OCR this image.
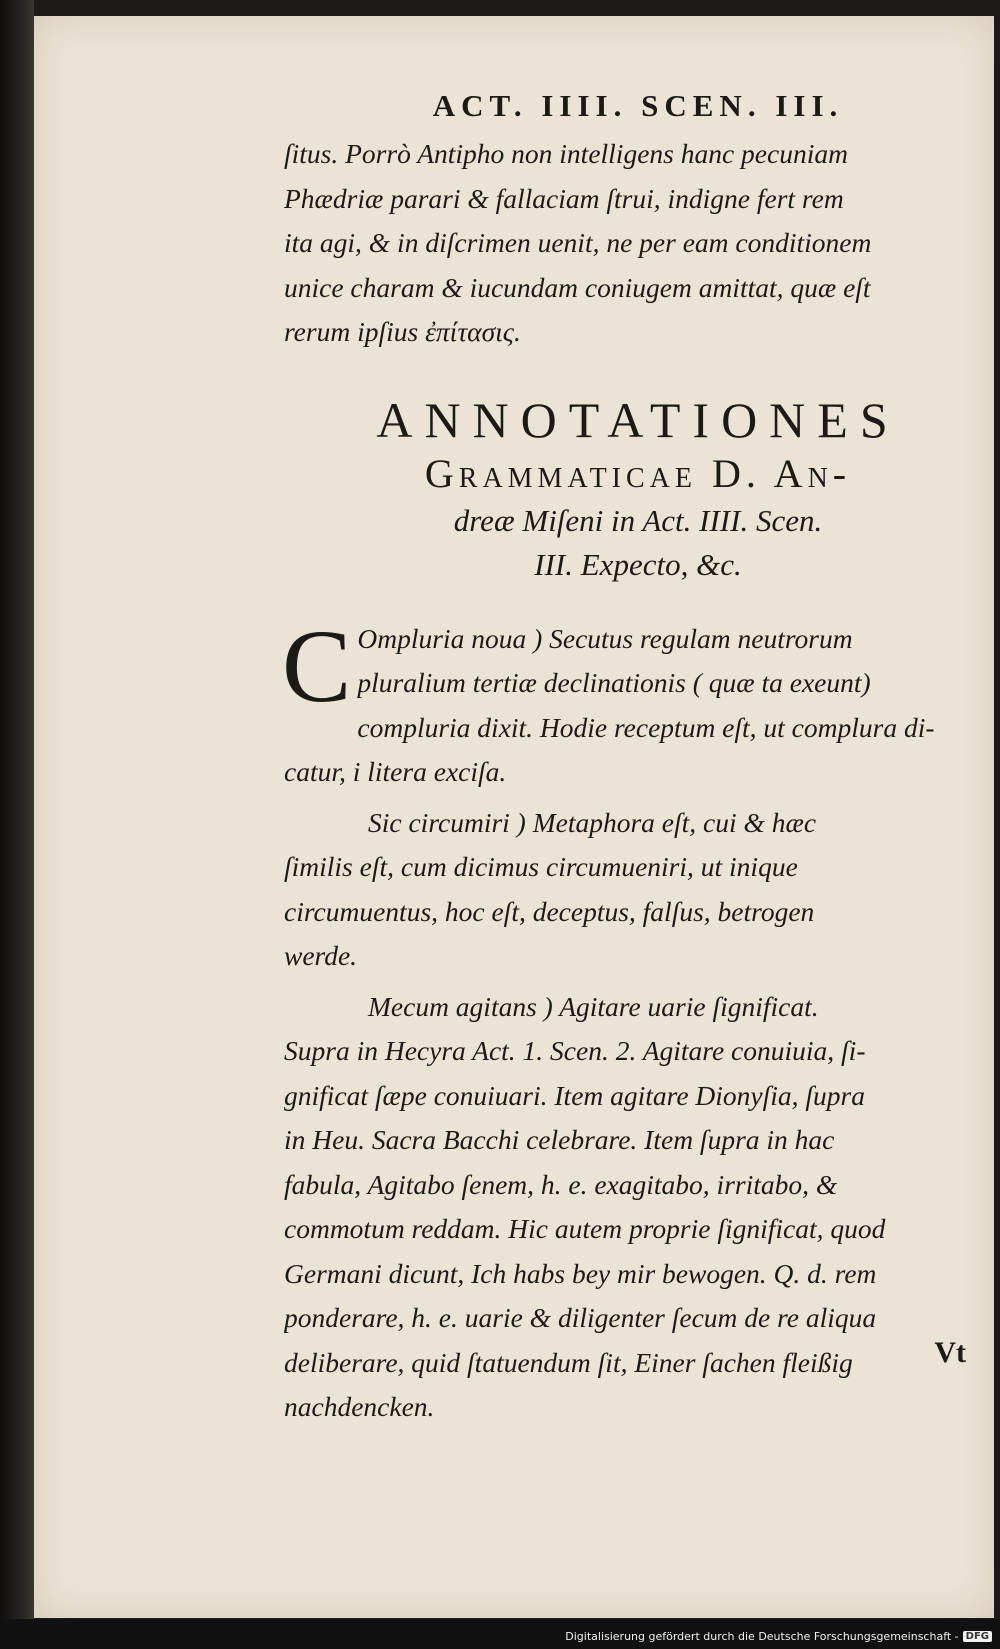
ACT. IIII. SCEN. III.
ſitus. Porrò Antipho non intelligens hanc pecuniam
Phædriæ parari & fallaciam ſtrui, indigne fert rem
ita agi, & in diſcrimen uenit, ne per eam conditionem
unice charam & iucundam coniugem amittat, quæ eſt
rerum ipſius ἐπίτασις.
ANNOTATIONES
Grammaticae D. An-
dreæ Miſeni in Act. IIII. Scen.
III. Expecto, &c.
C Ompluria noua ) Secutus regulam neutrorum
pluralium tertiæ declinationis ( quæ ta exeunt)
compluria dixit. Hodie receptum eſt, ut complura di-
catur, i litera exciſa.
Sic circumiri ) Metaphora eſt, cui & hæc
ſimilis eſt, cum dicimus circumueniri, ut inique
circumuentus, hoc eſt, deceptus, falſus, betrogen
werde.
Mecum agitans ) Agitare uarie ſignificat.
Supra in Hecyra Act. 1. Scen. 2. Agitare conuiuia, ſi-
gnificat ſæpe conuiuari. Item agitare Dionyſia, ſupra
in Heu. Sacra Bacchi celebrare. Item ſupra in hac
fabula, Agitabo ſenem, h. e. exagitabo, irritabo, &
commotum reddam. Hic autem proprie ſignificat, quod
Germani dicunt, Ich habs bey mir bewogen. Q. d. rem
ponderare, h. e. uarie & diligenter ſecum de re aliqua
deliberare, quid ſtatuendum ſit, Einer ſachen fleißig
nachdencken.
Vt
Digitalisierung gefördert durch die Deutsche Forschungsgemeinschaft - DFG
